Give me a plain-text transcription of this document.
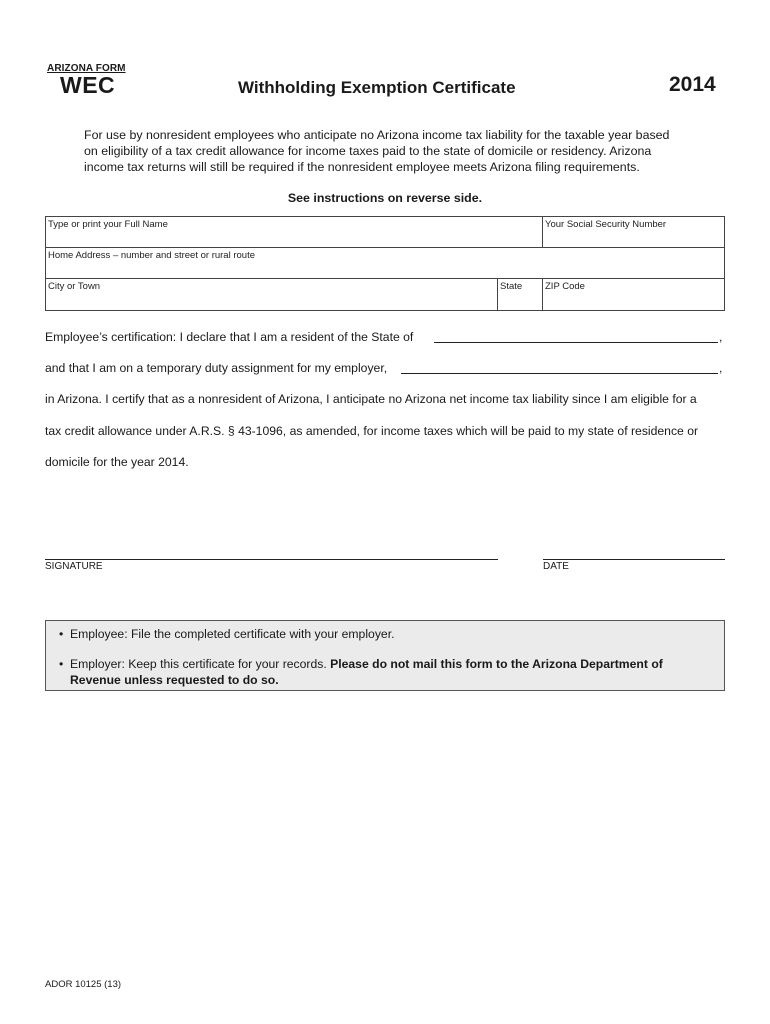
ARIZONA FORM
WEC	Withholding Exemption Certificate	2014
For use by nonresident employees who anticipate no Arizona income tax liability for the taxable year based
on eligibility of a tax credit allowance for income taxes paid to the state of domicile or residency. Arizona
income tax returns will still be required if the nonresident employee meets Arizona filing requirements.
See instructions on reverse side.
Type or print your Full Name	Your Social Security Number
Home Address – number and street or rural route
City or Town	State ZIP Code
Employee’s certification: I declare that I am a resident of the State of	,
and that I am on a temporary duty assignment for my employer,	,
in Arizona. I certify that as a nonresident of Arizona, I anticipate no Arizona net income tax liability since I am eligible for a
tax credit allowance under A.R.S. § 43-1096, as amended, for income taxes which will be paid to my state of residence or
domicile for the year 2014.
SIGNATURE	DATE
• Employee: File the completed certificate with your employer.
• Employer: Keep this certificate for your records. Please do not mail this form to the Arizona Department of
Revenue unless requested to do so.
ADOR 10125 (13)
